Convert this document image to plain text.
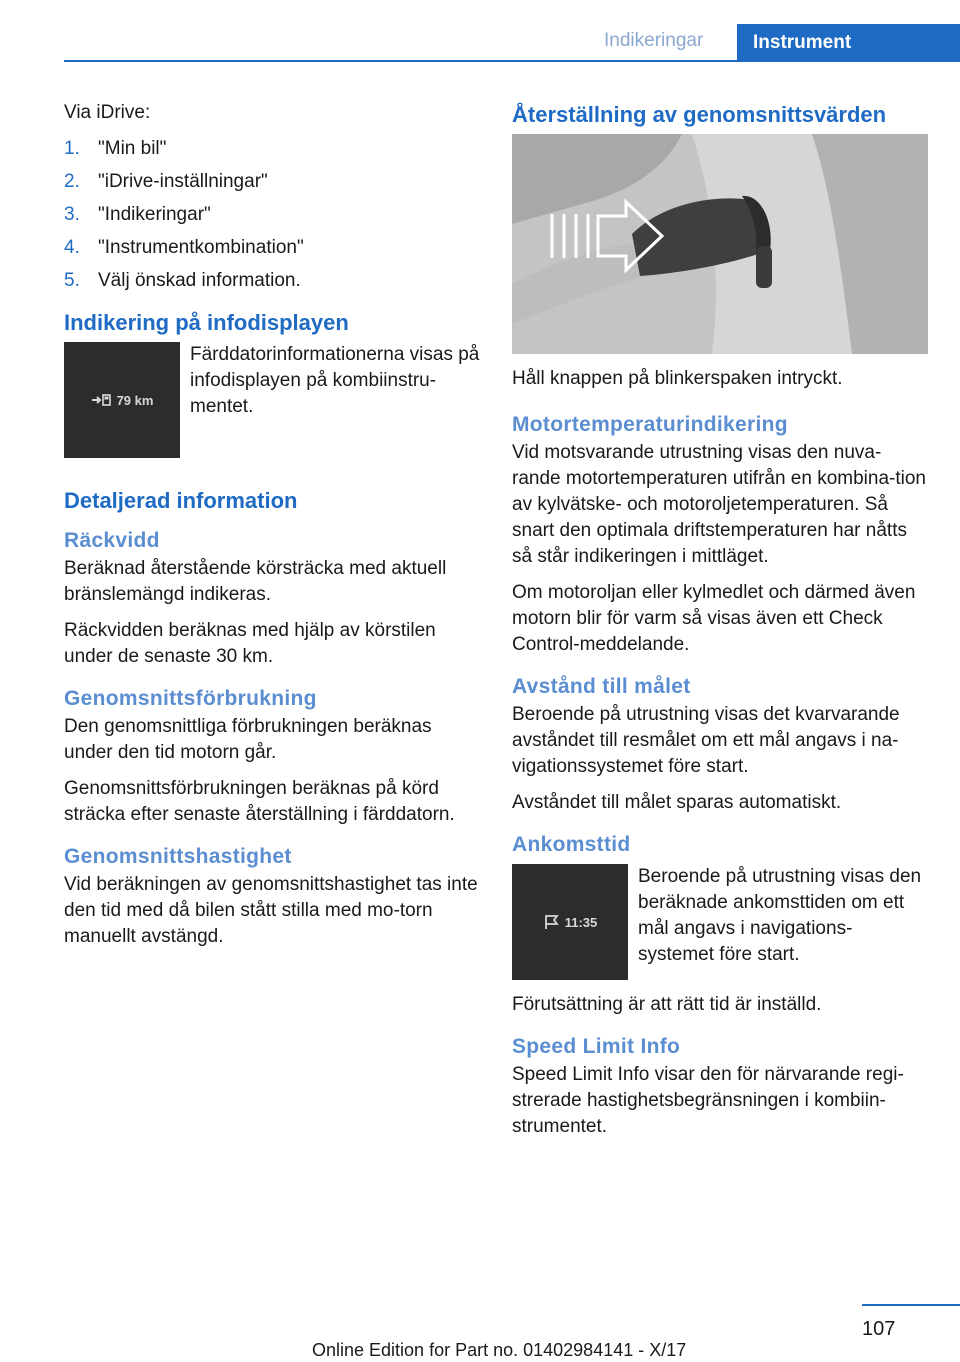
Indikeringar	Instrument

Via iDrive:

1. "Min bil"
2. "iDrive-inställningar"
3. "Indikeringar"
4. "Instrumentkombination"
5. Välj önskad information.
Indikering på infodisplayen
79 km

Färddatorinformationerna visas på infodisplayen på kombiinstru-mentet.

Detaljerad information
Räckvidd

Beräknad återstående körsträcka med aktuell bränslemängd indikeras.

Räckvidden beräknas med hjälp av körstilen under de senaste 30 km.

Genomsnittsförbrukning

Den genomsnittliga förbrukningen beräknas under den tid motorn går.

Genomsnittsförbrukningen beräknas på körd sträcka efter senaste återställning i färddatorn.

Genomsnittshastighet

Vid beräkningen av genomsnittshastighet tas inte den tid med då bilen stått stilla med mo-torn manuellt avstängd.

Återställning av genomsnittsvärden

Håll knappen på blinkerspaken intryckt.

Motortemperaturindikering

Vid motsvarande utrustning visas den nuva-rande motortemperaturen utifrån en kombina-tion av kylvätske- och motoroljetemperaturen. Så snart den optimala driftstemperaturen har nåtts så står indikeringen i mittläget.

Om motoroljan eller kylmedlet och därmed även motorn blir för varm så visas även ett Check Control-meddelande.

Avstånd till målet

Beroende på utrustning visas det kvarvarande avståndet till resmålet om ett mål angavs i na-vigationssystemet före start.

Avståndet till målet sparas automatiskt.

Ankomsttid
11:35

Beroende på utrustning visas den beräknade ankomsttiden om ett mål angavs i navigations-systemet före start.

Förutsättning är att rätt tid är inställd.

Speed Limit Info

Speed Limit Info visar den för närvarande regi-strerade hastighetsbegränsningen i kombiin-strumentet.

107
Online Edition for Part no. 01402984141 - X/17
